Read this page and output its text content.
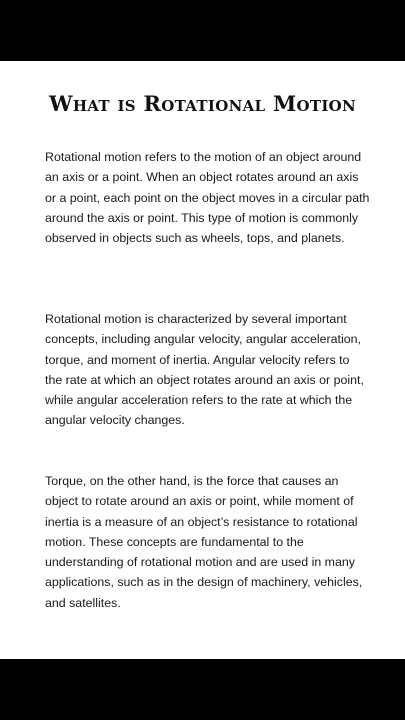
What is Rotational Motion

Rotational motion refers to the motion of an object around an axis or a point. When an object rotates around an axis or a point, each point on the object moves in a circular path around the axis or point. This type of motion is commonly observed in objects such as wheels, tops, and planets.

Rotational motion is characterized by several important concepts, including angular velocity, angular acceleration, torque, and moment of inertia. Angular velocity refers to the rate at which an object rotates around an axis or point, while angular acceleration refers to the rate at which the angular velocity changes.

Torque, on the other hand, is the force that causes an object to rotate around an axis or point, while moment of inertia is a measure of an object’s resistance to rotational motion. These concepts are fundamental to the understanding of rotational motion and are used in many applications, such as in the design of machinery, vehicles, and satellites.
